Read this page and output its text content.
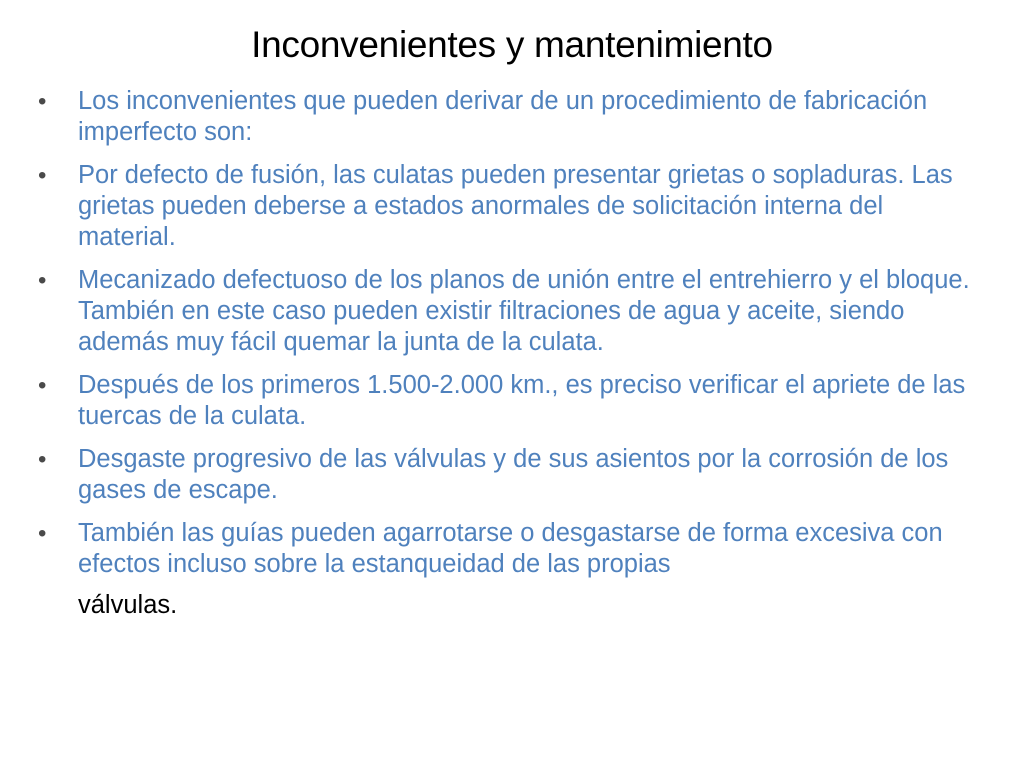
Inconvenientes y mantenimiento
• Los inconvenientes que pueden derivar de un procedimiento de fabricación imperfecto son:
• Por defecto de fusión, las culatas pueden presentar grietas o sopladuras. Las grietas pueden deberse a estados anormales de solicitación interna del material.
• Mecanizado defectuoso de los planos de unión entre el entrehierro y el bloque. También en este caso pueden existir filtraciones de agua y aceite, siendo además muy fácil quemar la junta de la culata.
• Después de los primeros 1.500-2.000 km., es preciso verificar el apriete de las tuercas de la culata.
• Desgaste progresivo de las válvulas y de sus asientos por la corrosión de los gases de escape.
• También las guías pueden agarrotarse o desgastarse de forma excesiva con efectos incluso sobre la estanqueidad de las propias
válvulas.
